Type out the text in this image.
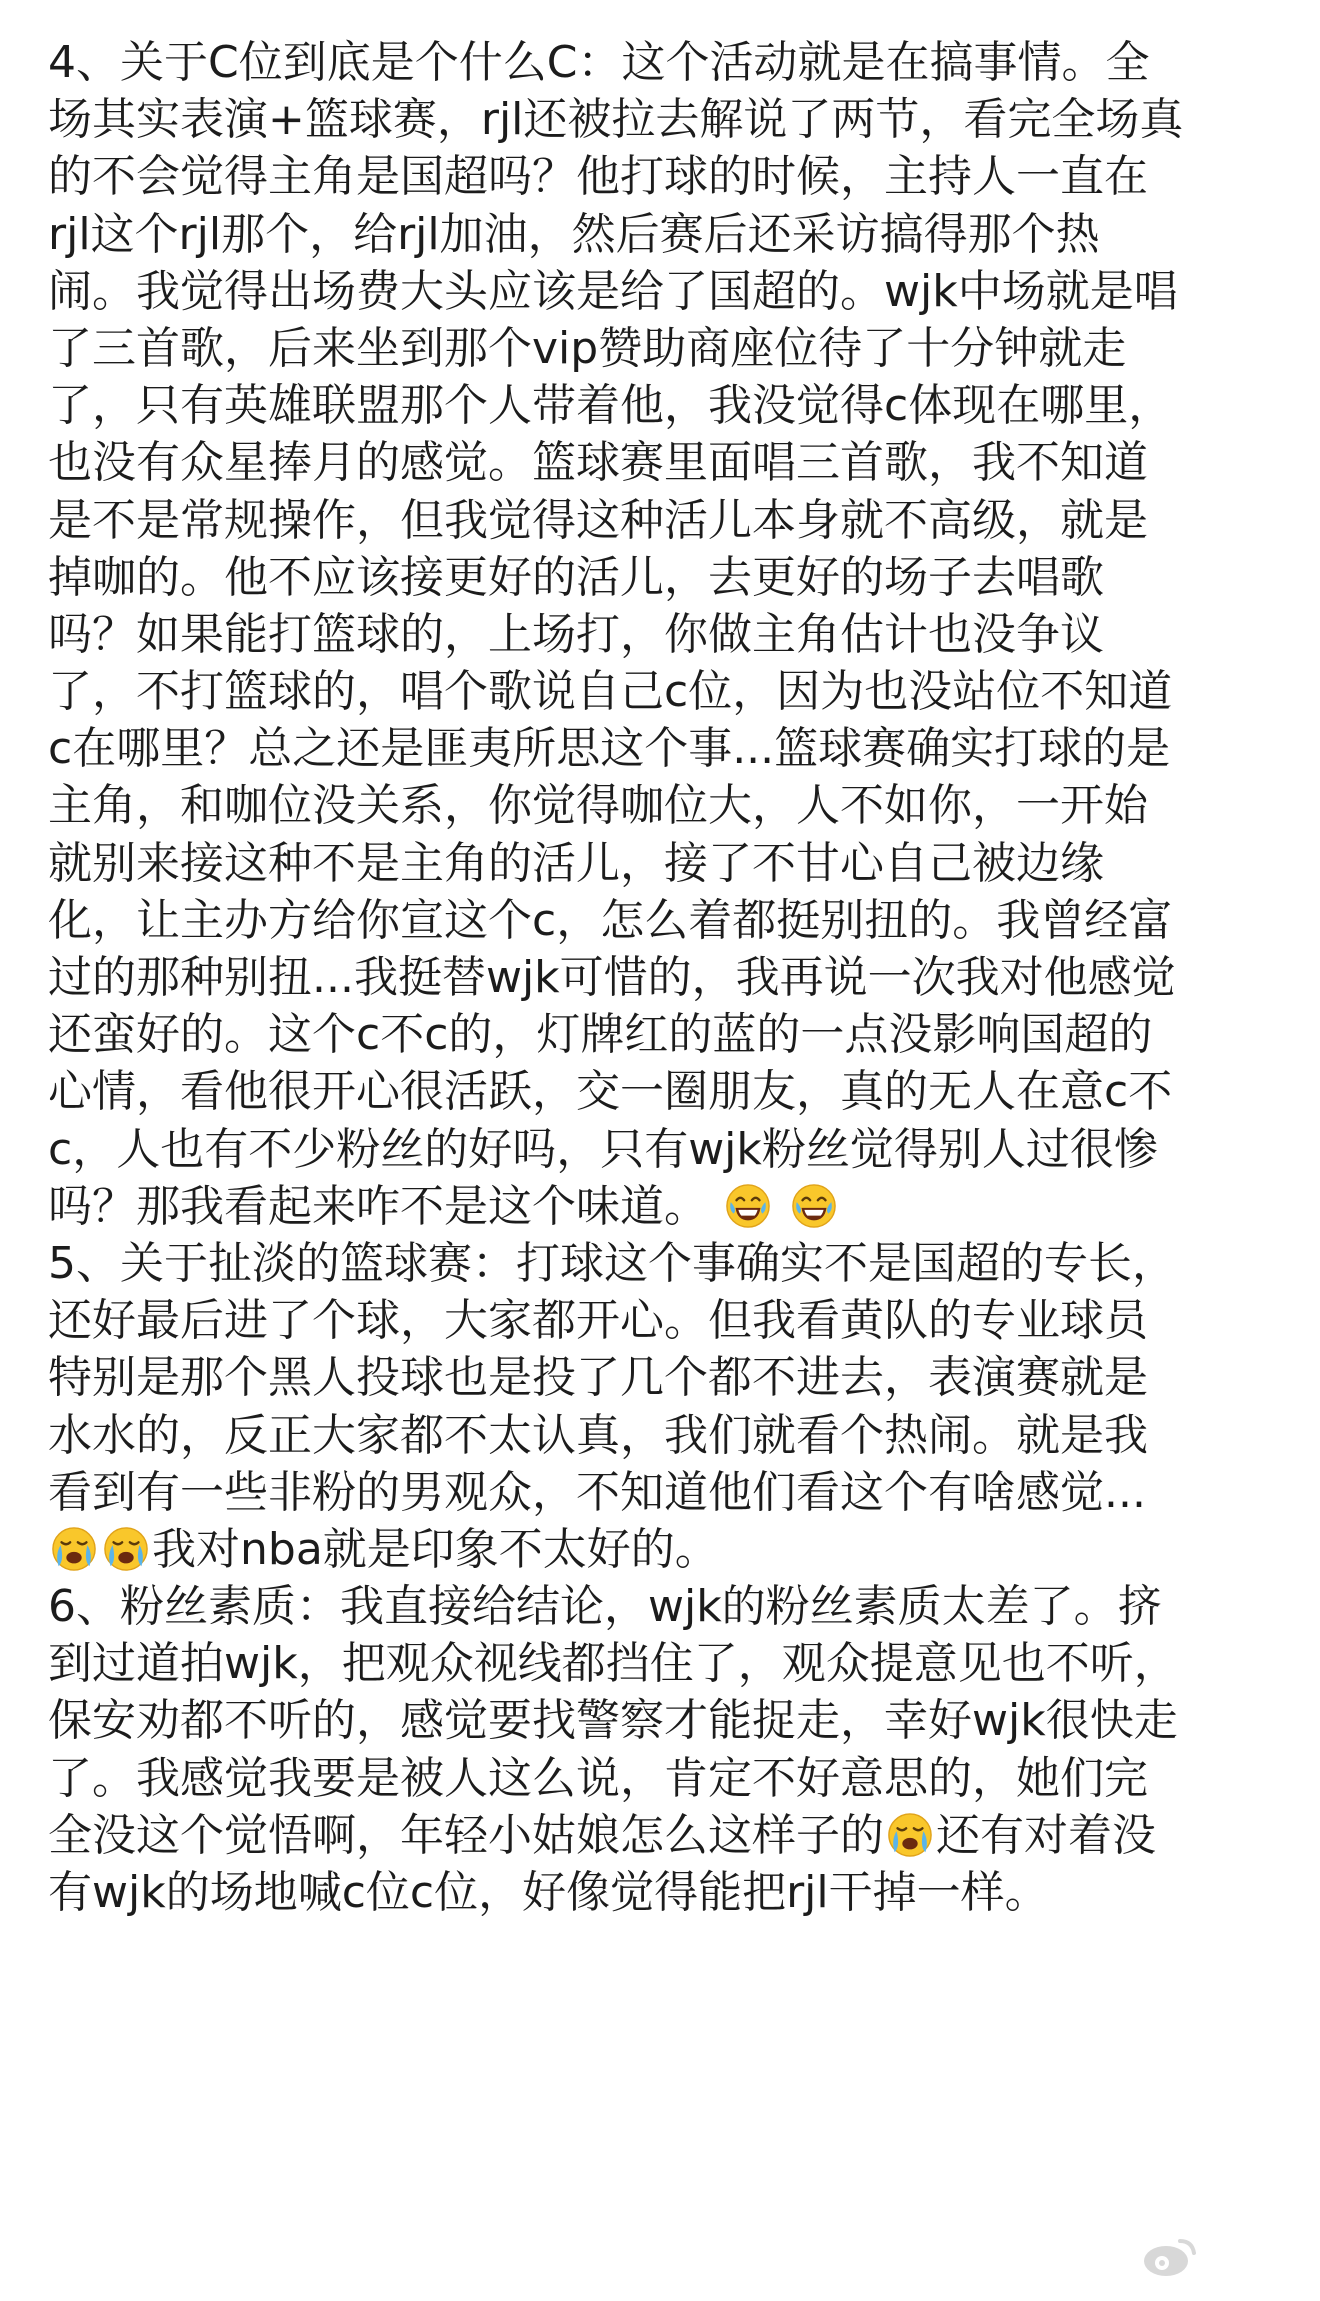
4、关于C位到底是个什么C：这个活动就是在搞事情。全
场其实表演+篮球赛，rjl还被拉去解说了两节，看完全场真
的不会觉得主角是国超吗？他打球的时候，主持人一直在
rjl这个rjl那个，给rjl加油，然后赛后还采访搞得那个热
闹。我觉得出场费大头应该是给了国超的。wjk中场就是唱
了三首歌，后来坐到那个vip赞助商座位待了十分钟就走
了，只有英雄联盟那个人带着他，我没觉得c体现在哪里，
也没有众星捧月的感觉。篮球赛里面唱三首歌，我不知道
是不是常规操作，但我觉得这种活儿本身就不高级，就是
掉咖的。他不应该接更好的活儿，去更好的场子去唱歌
吗？如果能打篮球的，上场打，你做主角估计也没争议
了，不打篮球的，唱个歌说自己c位，因为也没站位不知道
c在哪里？总之还是匪夷所思这个事...篮球赛确实打球的是
主角，和咖位没关系，你觉得咖位大，人不如你，一开始
就别来接这种不是主角的活儿，接了不甘心自己被边缘
化，让主办方给你宣这个c，怎么着都挺别扭的。我曾经富
过的那种别扭...我挺替wjk可惜的，我再说一次我对他感觉
还蛮好的。这个c不c的，灯牌红的蓝的一点没影响国超的
心情，看他很开心很活跃，交一圈朋友，真的无人在意c不
c，人也有不少粉丝的好吗，只有wjk粉丝觉得别人过很惨
吗？那我看起来咋不是这个味道。
5、关于扯淡的篮球赛：打球这个事确实不是国超的专长，
还好最后进了个球，大家都开心。但我看黄队的专业球员
特别是那个黑人投球也是投了几个都不进去，表演赛就是
水水的，反正大家都不太认真，我们就看个热闹。就是我
看到有一些非粉的男观众，不知道他们看这个有啥感觉...
我对nba就是印象不太好的。
6、粉丝素质：我直接给结论，wjk的粉丝素质太差了。挤
到过道拍wjk，把观众视线都挡住了，观众提意见也不听，
保安劝都不听的，感觉要找警察才能捉走，幸好wjk很快走
了。我感觉我要是被人这么说，肯定不好意思的，她们完
全没这个觉悟啊，年轻小姑娘怎么这样子的 还有对着没
有wjk的场地喊c位c位，好像觉得能把rjl干掉一样。
